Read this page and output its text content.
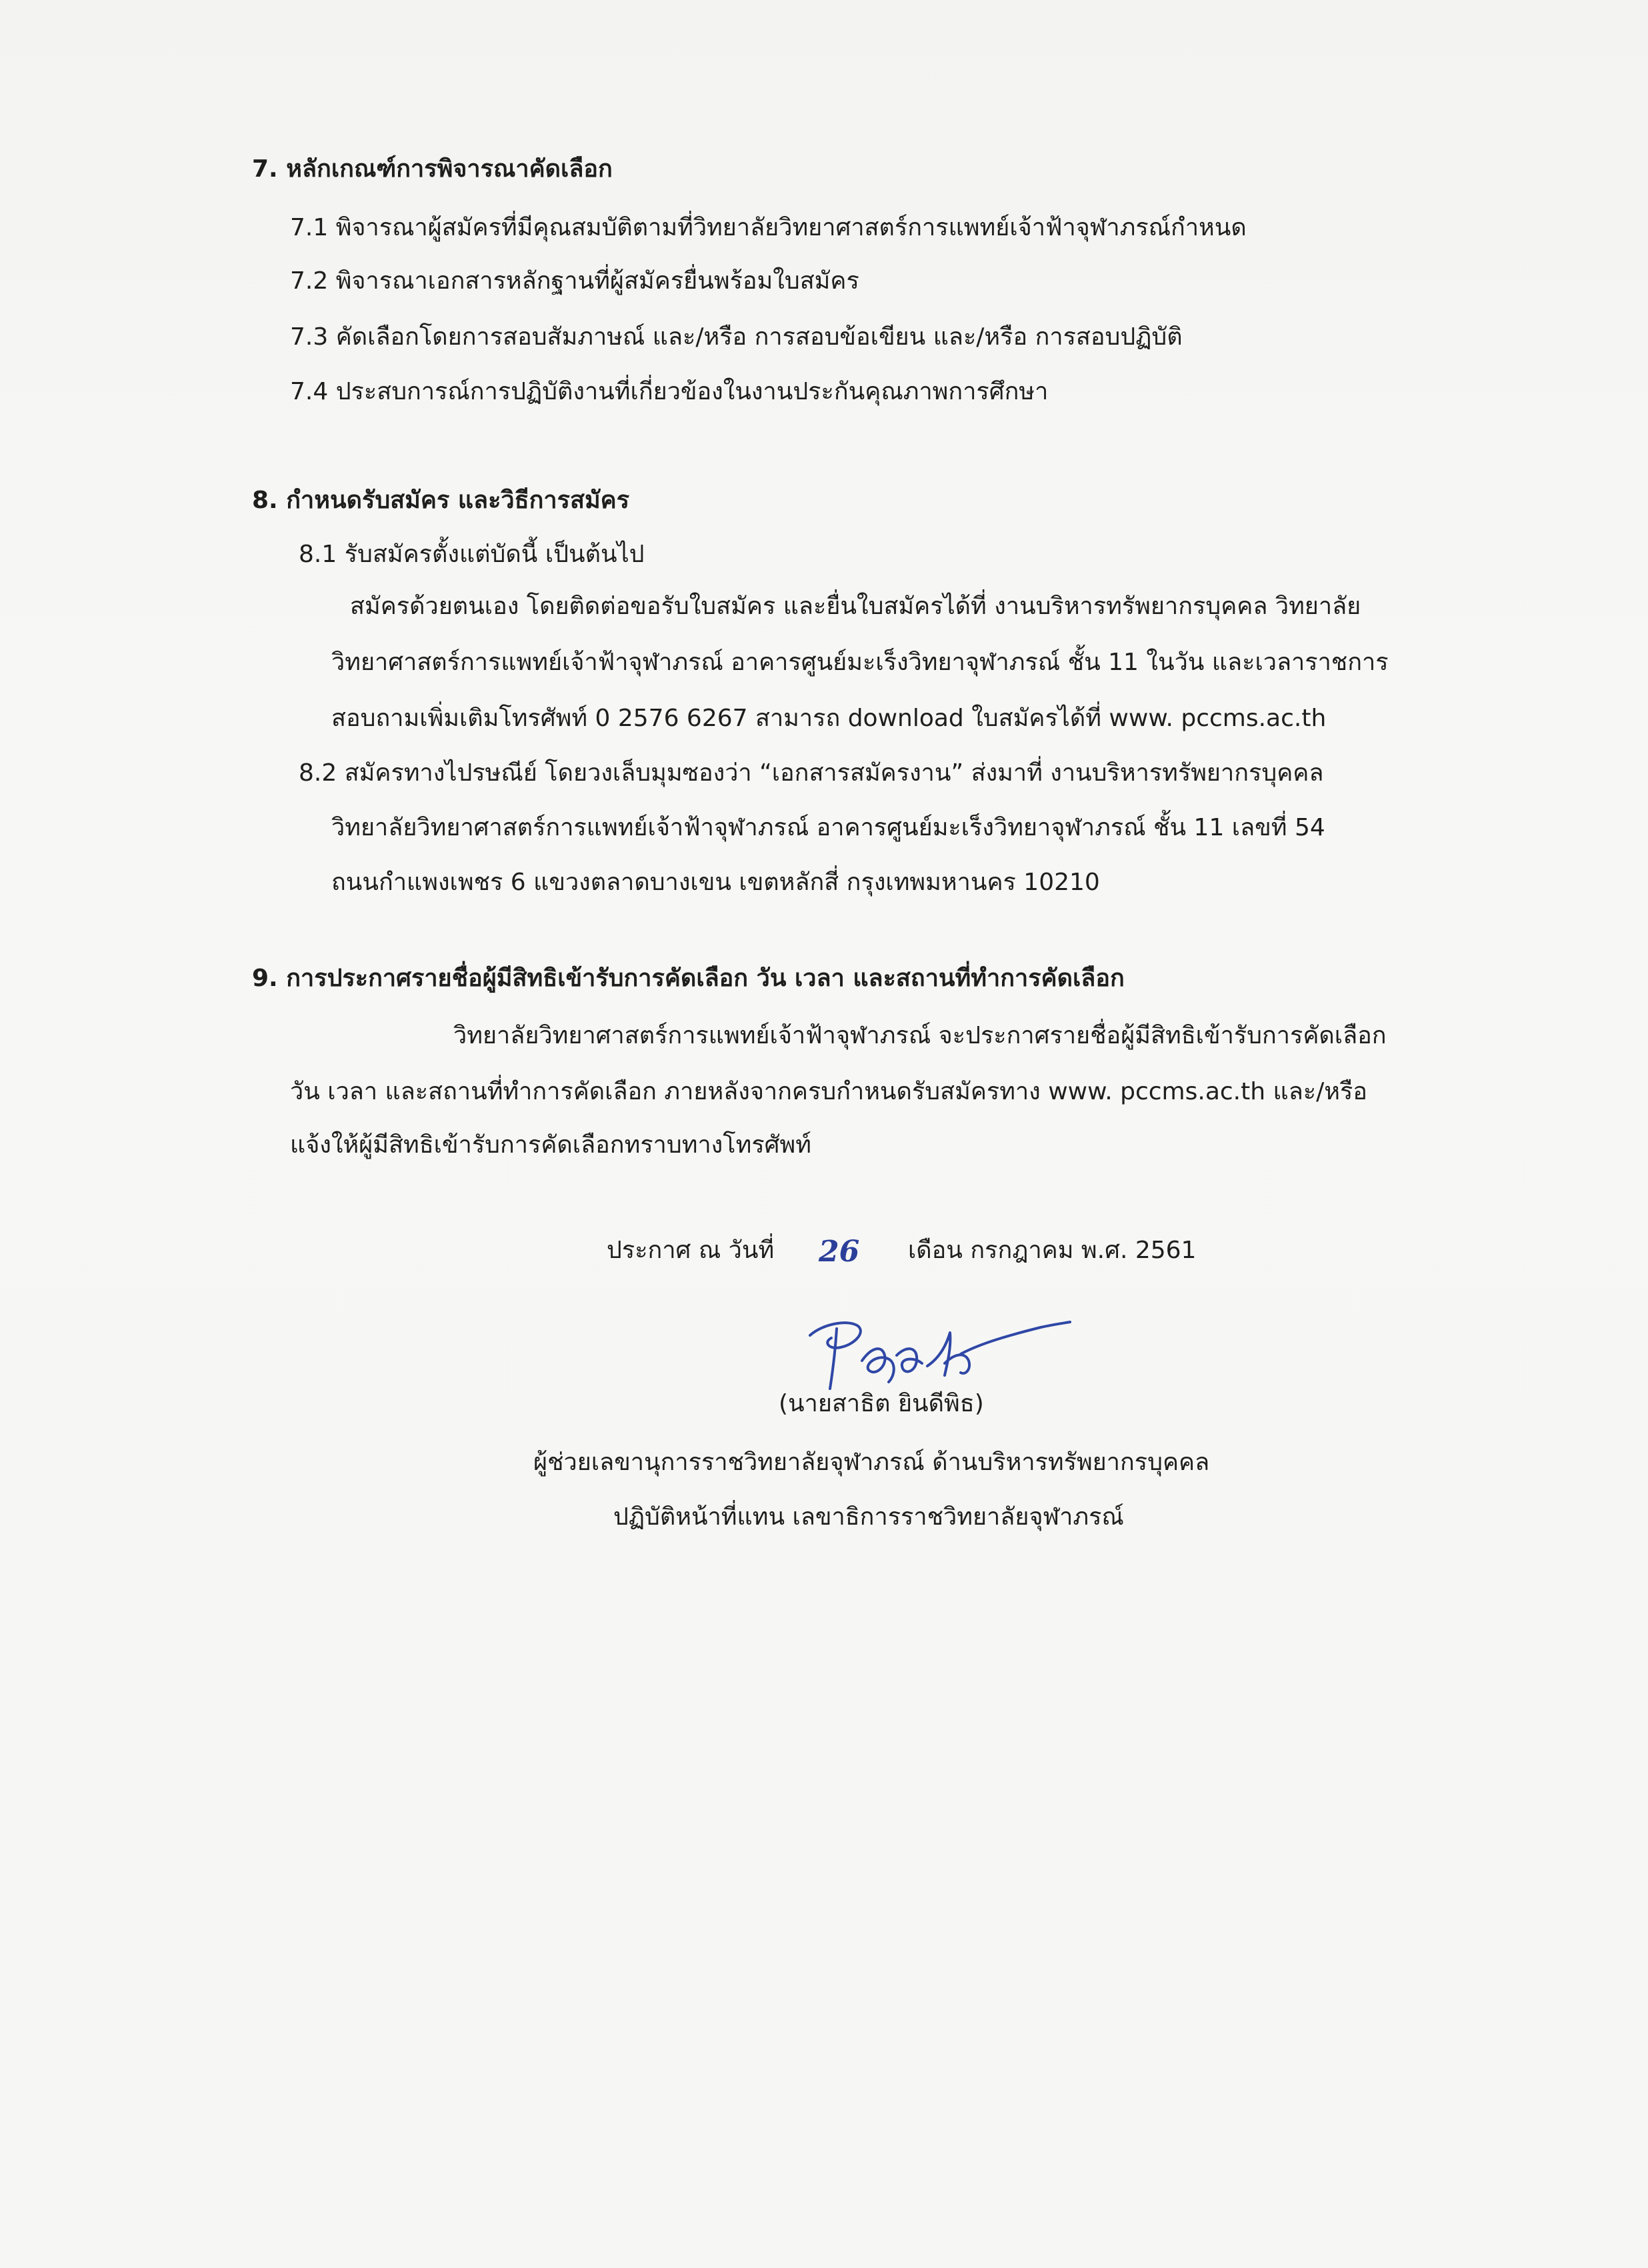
7. หลักเกณฑ์การพิจารณาคัดเลือก
7.1 พิจารณาผู้สมัครที่มีคุณสมบัติตามที่วิทยาลัยวิทยาศาสตร์การแพทย์เจ้าฟ้าจุฬาภรณ์กำหนด
7.2 พิจารณาเอกสารหลักฐานที่ผู้สมัครยื่นพร้อมใบสมัคร
7.3 คัดเลือกโดยการสอบสัมภาษณ์ และ/หรือ การสอบข้อเขียน และ/หรือ การสอบปฏิบัติ
7.4 ประสบการณ์การปฏิบัติงานที่เกี่ยวข้องในงานประกันคุณภาพการศึกษา
8. กำหนดรับสมัคร และวิธีการสมัคร
8.1 รับสมัครตั้งแต่บัดนี้ เป็นต้นไป
สมัครด้วยตนเอง โดยติดต่อขอรับใบสมัคร และยื่นใบสมัครได้ที่ งานบริหารทรัพยากรบุคคล วิทยาลัย
วิทยาศาสตร์การแพทย์เจ้าฟ้าจุฬาภรณ์ อาคารศูนย์มะเร็งวิทยาจุฬาภรณ์ ชั้น 11 ในวัน และเวลาราชการ
สอบถามเพิ่มเติมโทรศัพท์ 0 2576 6267 สามารถ download ใบสมัครได้ที่ www. pccms.ac.th
8.2 สมัครทางไปรษณีย์ โดยวงเล็บมุมซองว่า “เอกสารสมัครงาน” ส่งมาที่ งานบริหารทรัพยากรบุคคล
วิทยาลัยวิทยาศาสตร์การแพทย์เจ้าฟ้าจุฬาภรณ์ อาคารศูนย์มะเร็งวิทยาจุฬาภรณ์ ชั้น 11 เลขที่ 54
ถนนกำแพงเพชร 6 แขวงตลาดบางเขน เขตหลักสี่ กรุงเทพมหานคร 10210
9. การประกาศรายชื่อผู้มีสิทธิเข้ารับการคัดเลือก วัน เวลา และสถานที่ทำการคัดเลือก
วิทยาลัยวิทยาศาสตร์การแพทย์เจ้าฟ้าจุฬาภรณ์ จะประกาศรายชื่อผู้มีสิทธิเข้ารับการคัดเลือก
วัน เวลา และสถานที่ทำการคัดเลือก ภายหลังจากครบกำหนดรับสมัครทาง www. pccms.ac.th และ/หรือ
แจ้งให้ผู้มีสิทธิเข้ารับการคัดเลือกทราบทางโทรศัพท์
ประกาศ ณ วันที่ 26 เดือน กรกฎาคม พ.ศ. 2561
(นายสาธิต ยินดีพิธ)
ผู้ช่วยเลขานุการราชวิทยาลัยจุฬาภรณ์ ด้านบริหารทรัพยากรบุคคล
ปฏิบัติหน้าที่แทน เลขาธิการราชวิทยาลัยจุฬาภรณ์
